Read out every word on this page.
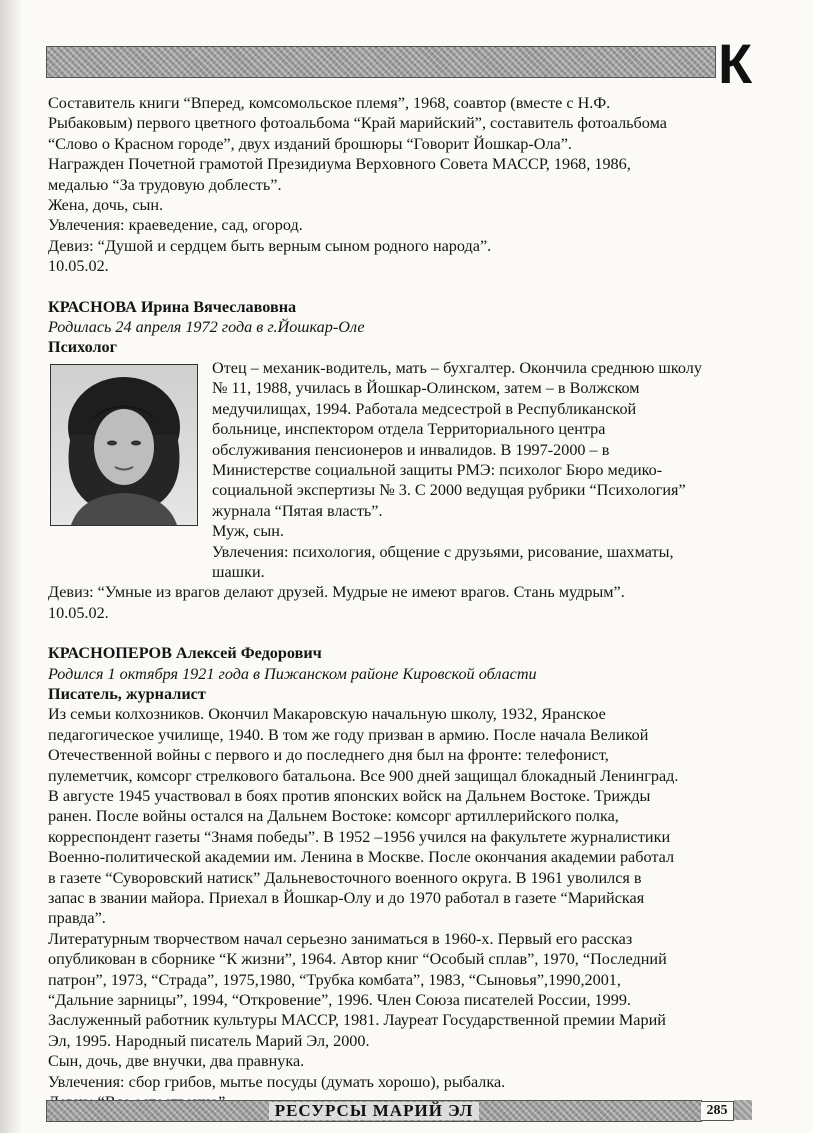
К

Составитель книги “Вперед, комсомольское племя”, 1968, соавтор (вместе с Н.Ф.

Рыбаковым) первого цветного фотоальбома “Край марийский”, составитель фотоальбома

“Слово о Красном городе”, двух изданий брошюры “Говорит Йошкар-Ола”.

Награжден Почетной грамотой Президиума Верховного Совета МАССР, 1968, 1986,

медалью “За трудовую доблесть”.

Жена, дочь, сын.

Увлечения: краеведение, сад, огород.

Девиз: “Душой и сердцем быть верным сыном родного народа”.

10.05.02.

КРАСНОВА Ирина Вячеславовна

Родилась 24 апреля 1972 года в г.Йошкар-Оле

Психолог

Отец – механик-водитель, мать – бухгалтер. Окончила среднюю школу

№ 11, 1988, училась в Йошкар-Олинском, затем – в Волжском

медучилищах, 1994. Работала медсестрой в Республиканской

больнице, инспектором отдела Территориального центра

обслуживания пенсионеров и инвалидов. В 1997-2000 – в

Министерстве социальной защиты РМЭ: психолог Бюро медико-

социальной экспертизы № 3. С 2000 ведущая рубрики “Психология”

журнала “Пятая власть”.

Муж, сын.

Увлечения: психология, общение с друзьями, рисование, шахматы,

шашки.

Девиз: “Умные из врагов делают друзей. Мудрые не имеют врагов. Стань мудрым”.

10.05.02.

КРАСНОПЕРОВ Алексей Федорович

Родился 1 октября 1921 года в Пижанском районе Кировской области

Писатель, журналист

Из семьи колхозников. Окончил Макаровскую начальную школу, 1932, Яранское

педагогическое училище, 1940. В том же году призван в армию. После начала Великой

Отечественной войны с первого и до последнего дня был на фронте: телефонист,

пулеметчик, комсорг стрелкового батальона. Все 900 дней защищал блокадный Ленинград.

В августе 1945 участвовал в боях против японских войск на Дальнем Востоке. Трижды

ранен. После войны остался на Дальнем Востоке: комсорг артиллерийского полка,

корреспондент газеты “Знамя победы”. В 1952 –1956 учился на факультете журналистики

Военно-политической академии им. Ленина в Москве. После окончания академии работал

в газете “Суворовский натиск” Дальневосточного военного округа. В 1961 уволился в

запас в звании майора. Приехал в Йошкар-Олу и до 1970 работал в газете “Марийская

правда”.

Литературным творчеством начал серьезно заниматься в 1960-х. Первый его рассказ

опубликован в сборнике “К жизни”, 1964. Автор книг “Особый сплав”, 1970, “Последний

патрон”, 1973, “Страда”, 1975,1980, “Трубка комбата”, 1983, “Сыновья”,1990,2001,

“Дальние зарницы”, 1994, “Откровение”, 1996. Член Союза писателей России, 1999.

Заслуженный работник культуры МАССР, 1981. Лауреат Государственной премии Марий

Эл, 1995. Народный писатель Марий Эл, 2000.

Сын, дочь, две внучки, два правнука.

Увлечения: сбор грибов, мытье посуды (думать хорошо), рыбалка.

РЕСУРСЫ МАРИЙ ЭЛ	285
